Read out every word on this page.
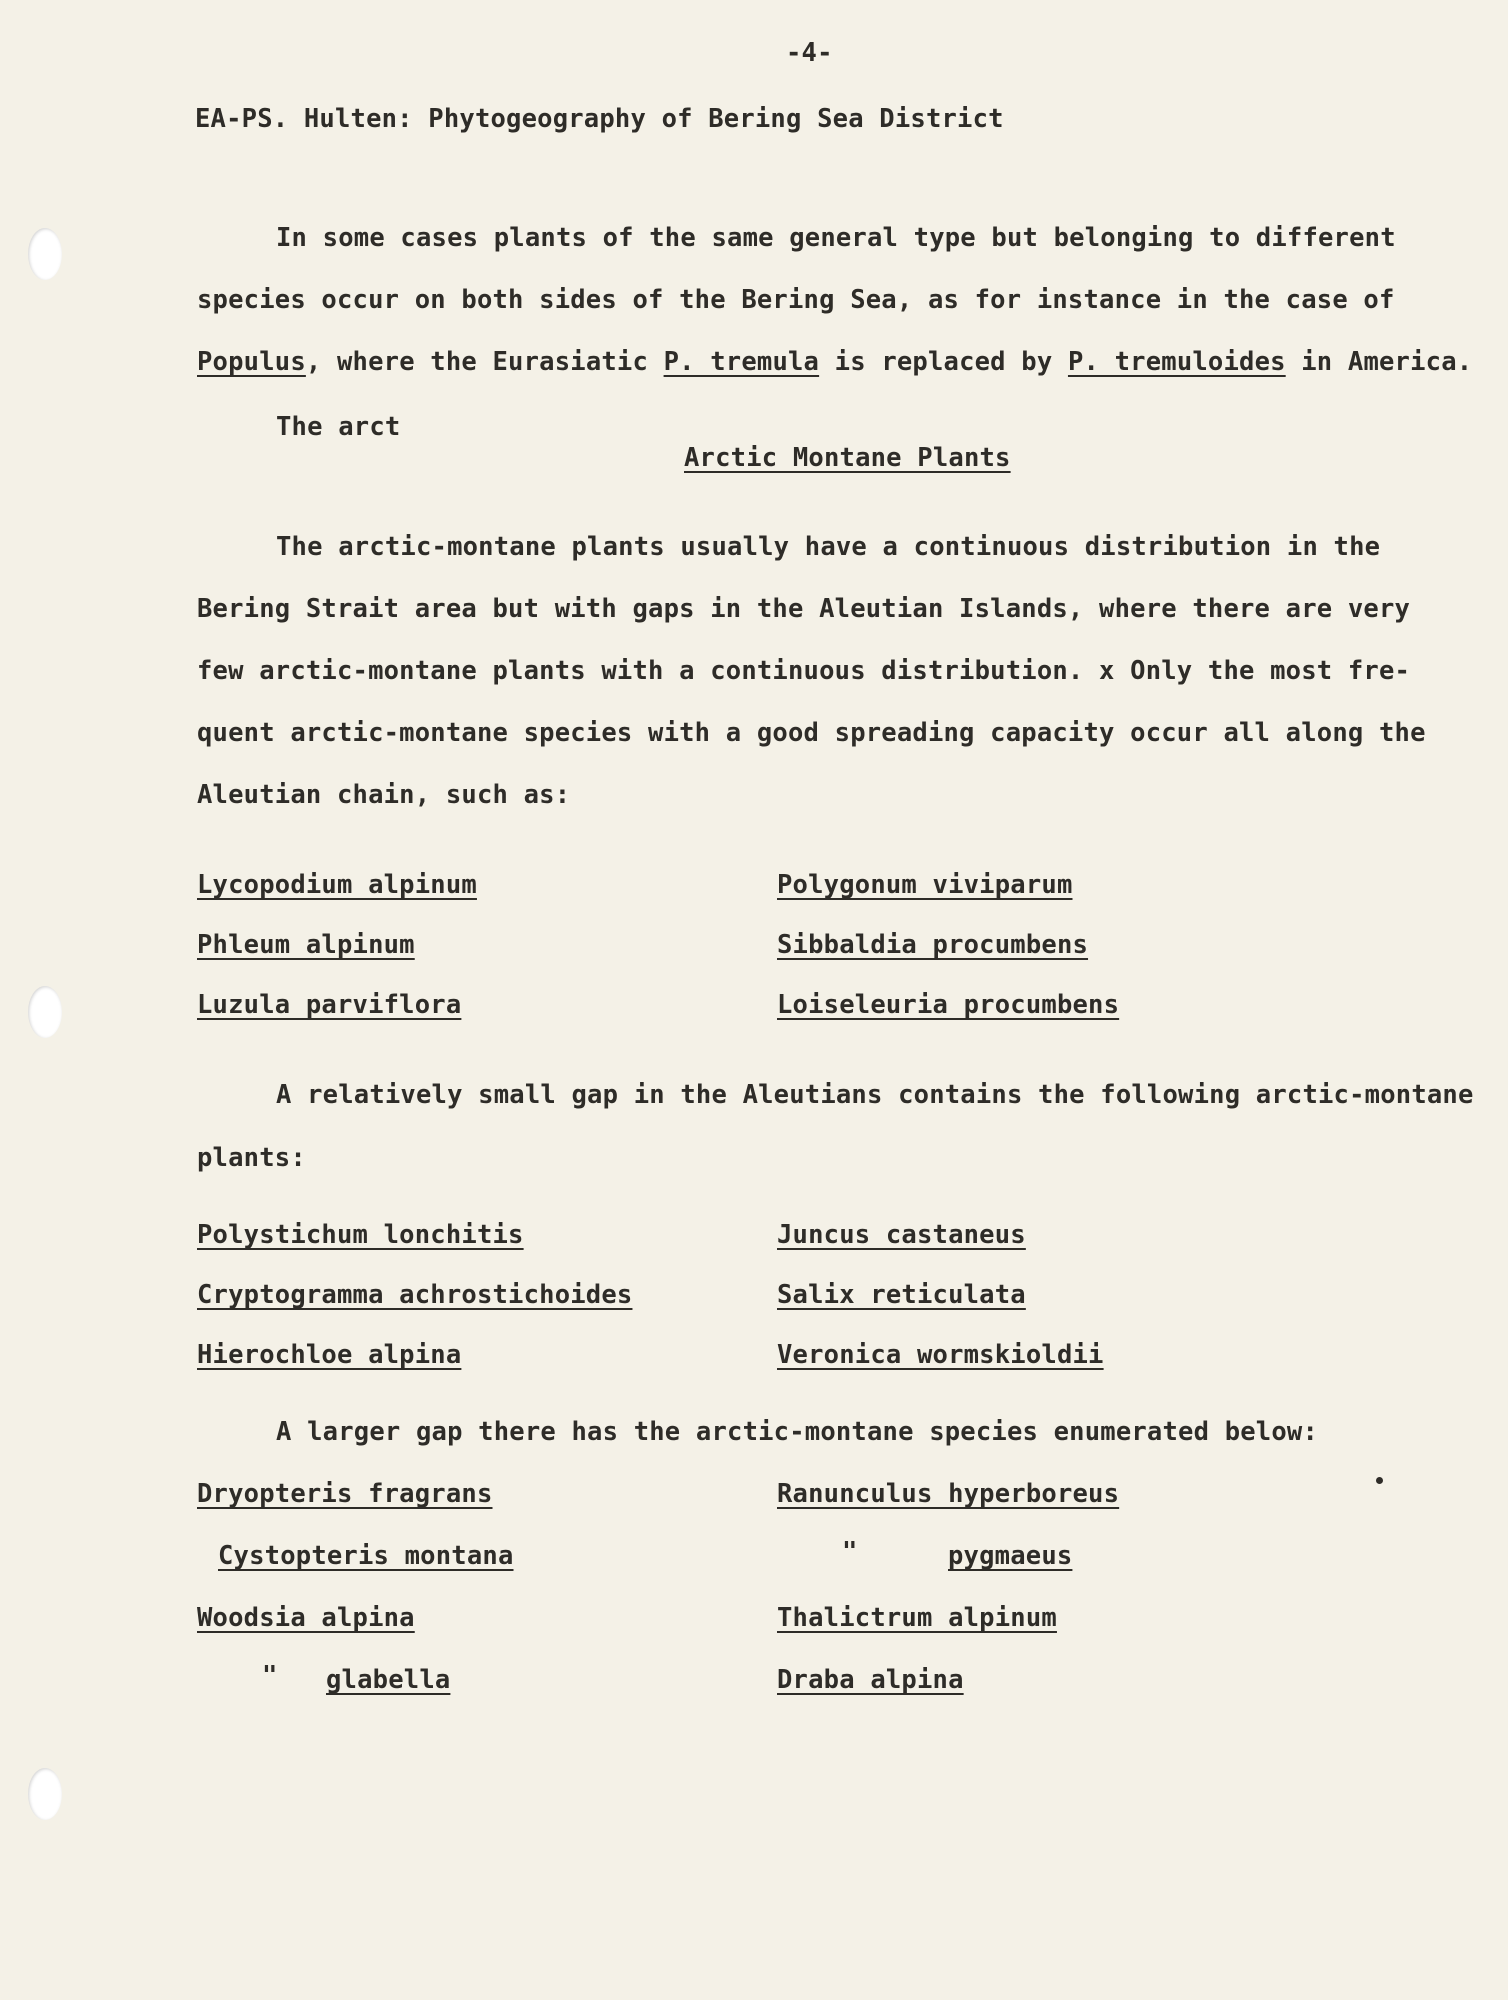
-4-
EA-PS. Hulten: Phytogeography of Bering Sea District
In some cases plants of the same general type but belonging to different
species occur on both sides of the Bering Sea, as for instance in the case of
Populus, where the Eurasiatic P. tremula is replaced by P. tremuloides in America.
The arct
Arctic Montane Plants
The arctic-montane plants usually have a continuous distribution in the
Bering Strait area but with gaps in the Aleutian Islands, where there are very
few arctic-montane plants with a continuous distribution. x Only the most fre-
quent arctic-montane species with a good spreading capacity occur all along the
Aleutian chain, such as:
Lycopodium alpinum
Phleum alpinum
Luzula parviflora
Polygonum viviparum
Sibbaldia procumbens
Loiseleuria procumbens
A relatively small gap in the Aleutians contains the following arctic-montane
plants:
Polystichum lonchitis
Cryptogramma achrostichoides
Hierochloe alpina
Juncus castaneus
Salix reticulata
Veronica wormskioldii
A larger gap there has the arctic-montane species enumerated below:
Dryopteris fragrans
Cystopteris montana
Woodsia alpina
" glabella
Ranunculus hyperboreus
"	pygmaeus
Thalictrum alpinum
Draba alpina
